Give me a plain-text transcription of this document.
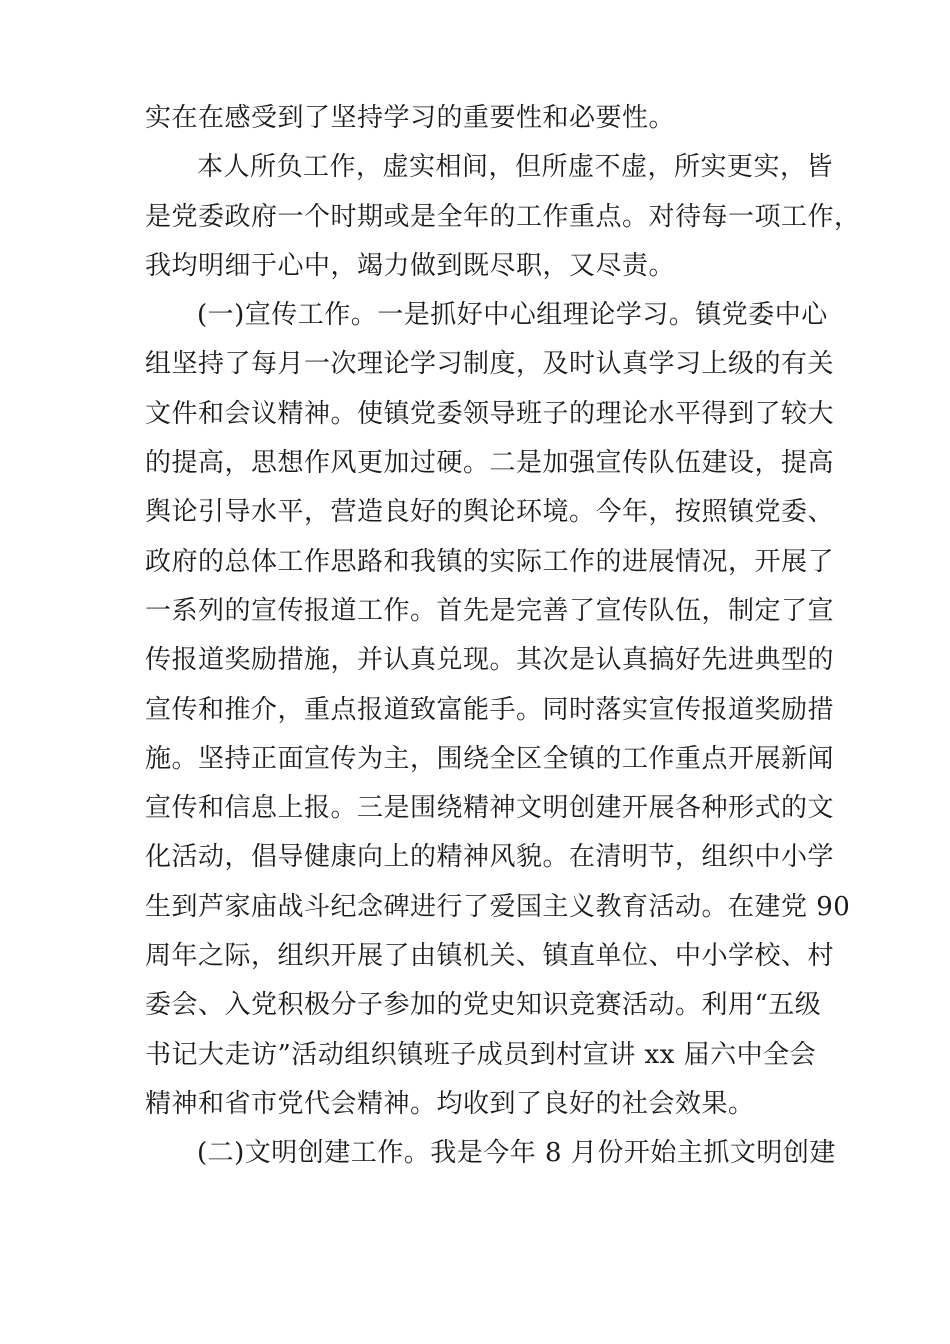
实在在感受到了坚持学习的重要性和必要性。
本人所负工作，虚实相间，但所虚不虚，所实更实，皆
是党委政府一个时期或是全年的工作重点。对待每一项工作，
我均明细于心中，竭力做到既尽职，又尽责。
(一)宣传工作。一是抓好中心组理论学习。镇党委中心
组坚持了每月一次理论学习制度，及时认真学习上级的有关
文件和会议精神。使镇党委领导班子的理论水平得到了较大
的提高，思想作风更加过硬。二是加强宣传队伍建设，提高
舆论引导水平，营造良好的舆论环境。今年，按照镇党委、
政府的总体工作思路和我镇的实际工作的进展情况，开展了
一系列的宣传报道工作。首先是完善了宣传队伍，制定了宣
传报道奖励措施，并认真兑现。其次是认真搞好先进典型的
宣传和推介，重点报道致富能手。同时落实宣传报道奖励措
施。坚持正面宣传为主，围绕全区全镇的工作重点开展新闻
宣传和信息上报。三是围绕精神文明创建开展各种形式的文
化活动，倡导健康向上的精神风貌。在清明节，组织中小学
生到芦家庙战斗纪念碑进行了爱国主义教育活动。在建党 90
周年之际，组织开展了由镇机关、镇直单位、中小学校、村
委会、入党积极分子参加的党史知识竞赛活动。利用“五级
书记大走访”活动组织镇班子成员到村宣讲 xx 届六中全会
精神和省市党代会精神。均收到了良好的社会效果。
(二)文明创建工作。我是今年 8 月份开始主抓文明创建
